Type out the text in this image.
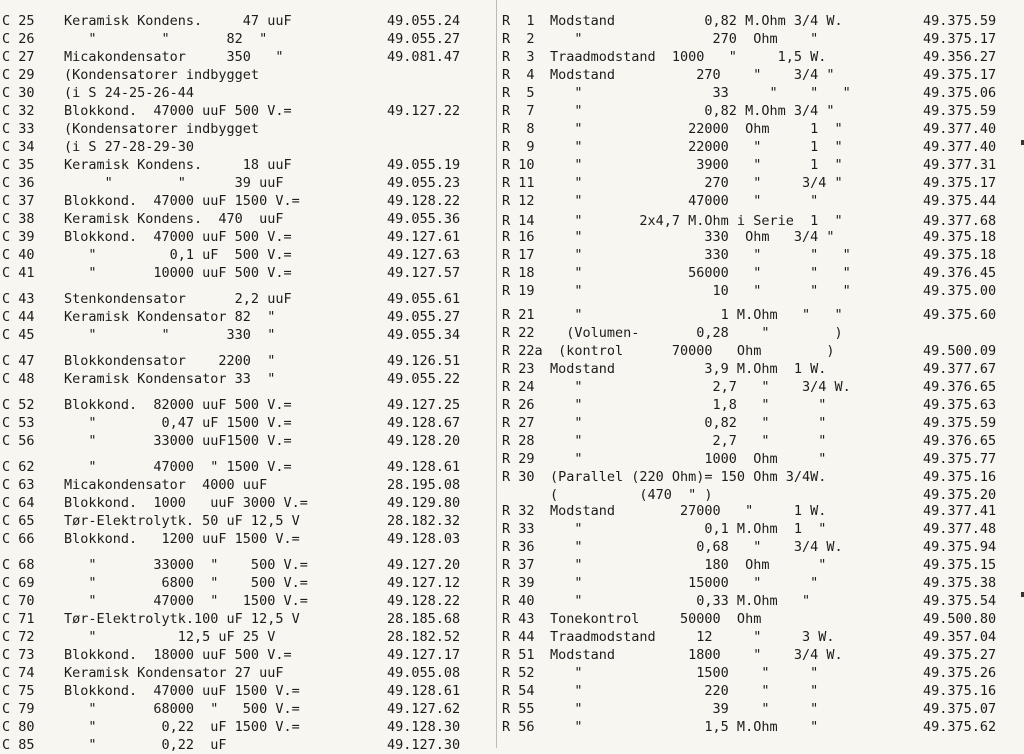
C 25 Keramisk Kondens.     47 uuF	49.055.24
C 26 "        "       82  "	49.055.27
C 27 Micakondensator     350   "	49.081.47
C 29 (Kondensatorer indbygget
C 30 (i S 24-25-26-44
C 32 Blokkond.  47000 uuF 500 V.=	49.127.22
C 33 (Kondensatorer indbygget
C 34 (i S 27-28-29-30
C 35 Keramisk Kondens.     18 uuF	49.055.19
C 36 "        "      39 uuF	49.055.23
C 37 Blokkond.  47000 uuF 1500 V.=	49.128.22
C 38 Keramisk Kondens.  470  uuF	49.055.36
C 39 Blokkond.  47000 uuF 500 V.=	49.127.61
C 40 "         0,1 uF  500 V.=	49.127.63
C 41 "       10000 uuF 500 V.=	49.127.57
C 43 Stenkondensator      2,2 uuF	49.055.61
C 44 Keramisk Kondensator 82  "	49.055.27
C 45 "        "       330  "	49.055.34
C 47 Blokkondensator    2200  "	49.126.51
C 48 Keramisk Kondensator 33  "	49.055.22
C 52 Blokkond.  82000 uuF 500 V.=	49.127.25
C 53 "        0,47 uF 1500 V.=	49.128.67
C 56 "       33000 uuF1500 V.=	49.128.20
C 62 "       47000  " 1500 V.=	49.128.61
C 63 Micakondensator  4000 uuF	28.195.08
C 64 Blokkond.  1000   uuF 3000 V.=	49.129.80
C 65 Tør-Elektrolytk. 50 uF 12,5 V	28.182.32
C 66 Blokkond.   1200 uuF 1500 V.=	49.128.03
C 68 "       33000  "    500 V.=	49.127.20
C 69 "        6800  "    500 V.=	49.127.12
C 70 "       47000  "   1500 V.=	49.128.22
C 71 Tør-Elektrolytk.100 uF 12,5 V	28.185.68
C 72 "          12,5 uF 25 V	28.182.52
C 73 Blokkond.  18000 uuF 500 V.=	49.127.17
C 74 Keramisk Kondensator 27 uuF	49.055.08
C 75 Blokkond.  47000 uuF 1500 V.=	49.128.61
C 79 "       68000  "   500 V.=	49.127.62
C 80 "        0,22  uF 1500 V.=	49.128.30
C 85 "        0,22  uF	49.127.30
R  1 Modstand           0,82 M.Ohm 3/4 W.	49.375.59
R  2 "                270  Ohm    "	49.375.17
R  3 Traadmodstand  1000   "     1,5 W.	49.356.27
R  4 Modstand          270    "    3/4 "	49.375.17
R  5 "                33     "    "   "	49.375.06
R  7 "               0,82 M.Ohm 3/4 "	49.375.59
R  8 "             22000  Ohm     1  "	49.377.40
R  9 "             22000   "      1  "	49.377.40
R 10 "              3900   "      1  "	49.377.31
R 11 "               270   "     3/4 "	49.375.17
R 12 "             47000   "      "	49.375.44
R 14 "       2x4,7 M.Ohm i Serie  1  "	49.377.68
R 16 "               330  Ohm   3/4 "	49.375.18
R 17 "               330   "      "   "	49.375.18
R 18 "             56000   "      "   "	49.376.45
R 19 "                10   "      "   "	49.375.00
R 21 "                 1 M.Ohm   "   "	49.375.60
R 22 (Volumen-       0,28    "        )
R 22a (kontrol      70000   Ohm        )	49.500.09
R 23 Modstand           3,9 M.Ohm  1 W.	49.377.67
R 24 "                2,7   "    3/4 W.	49.376.65
R 26 "                1,8   "      "	49.375.63
R 27 "               0,82   "      "	49.375.59
R 28 "                2,7   "      "	49.376.65
R 29 "               1000  Ohm     "	49.375.77
R 30 (Parallel (220 Ohm)= 150 Ohm 3/4W.	49.375.16
(          (470  " )	49.375.20
R 32 Modstand        27000   "     1 W.	49.377.41
R 33 "               0,1 M.Ohm  1  "	49.377.48
R 36 "              0,68   "    3/4 W.	49.375.94
R 37 "               180  Ohm      "	49.375.15
R 39 "             15000   "      "	49.375.38
R 40 "              0,33 M.Ohm   "	49.375.54
R 43 Tonekontrol     50000  Ohm	49.500.80
R 44 Traadmodstand     12     "     3 W.	49.357.04
R 51 Modstand         1800    "    3/4 W.	49.375.27
R 52 "              1500    "     "	49.375.26
R 54 "               220    "     "	49.375.16
R 55 "                39    "     "	49.375.07
R 56 "               1,5 M.Ohm    "	49.375.62
